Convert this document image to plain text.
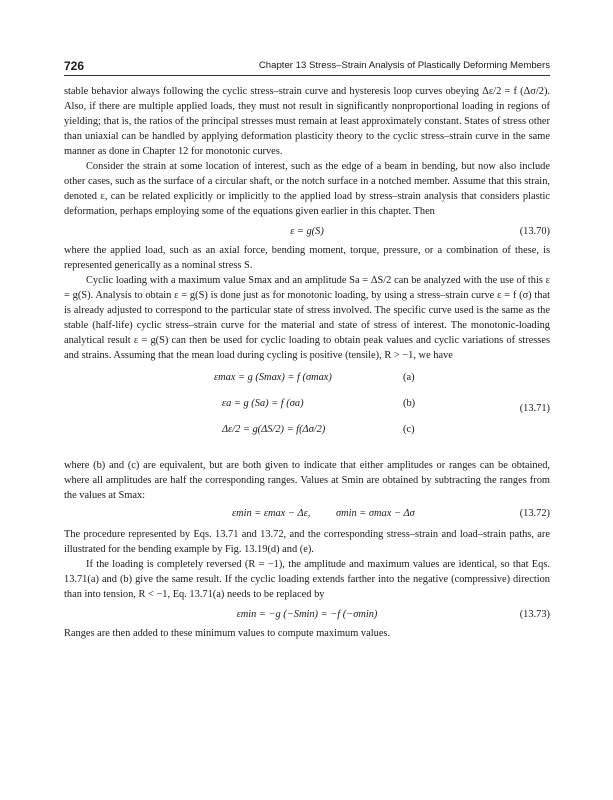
726	Chapter 13 Stress–Strain Analysis of Plastically Deforming Members

stable behavior always following the cyclic stress–strain curve and hysteresis loop curves obeying Δε/2 = f (Δσ/2). Also, if there are multiple applied loads, they must not result in significantly nonproportional loading in regions of yielding; that is, the ratios of the principal stresses must remain at least approximately constant. States of stress other than uniaxial can be handled by applying deformation plasticity theory to the cyclic stress–strain curve in the same manner as done in Chapter 12 for monotonic curves.

Consider the strain at some location of interest, such as the edge of a beam in bending, but now also include other cases, such as the surface of a circular shaft, or the notch surface in a notched member. Assume that this strain, denoted ε, can be related explicitly or implicitly to the applied load by stress–strain analysis that considers plastic deformation, perhaps employing some of the equations given earlier in this chapter. Then

ε = g(S)	(13.70)

where the applied load, such as an axial force, bending moment, torque, pressure, or a combination of these, is represented generically as a nominal stress S.

Cyclic loading with a maximum value Smax and an amplitude Sa = ΔS/2 can be analyzed with the use of this ε = g(S). Analysis to obtain ε = g(S) is done just as for monotonic loading, by using a stress–strain curve ε = f (σ) that is already adjusted to correspond to the particular state of stress involved. The specific curve used is the same as the stable (half-life) cyclic stress–strain curve for the material and state of stress of interest. The monotonic-loading analytical result ε = g(S) can then be used for cyclic loading to obtain peak values and cyclic variations of stresses and strains. Assuming that the mean load during cycling is positive (tensile), R > −1, we have

εmax = g (Smax) = f (σmax)	(a)
εa = g (Sa) = f (σa)	(b)
Δε/2 = g(ΔS/2) = f(Δσ/2)	(c)
(13.71)

where (b) and (c) are equivalent, but are both given to indicate that either amplitudes or ranges can be obtained, where all amplitudes are half the corresponding ranges. Values at Smin are obtained by subtracting the ranges from the values at Smax:

εmin = εmax − Δε, σmin = σmax − Δσ	(13.72)

The procedure represented by Eqs. 13.71 and 13.72, and the corresponding stress–strain and load–strain paths, are illustrated for the bending example by Fig. 13.19(d) and (e).

If the loading is completely reversed (R = −1), the amplitude and maximum values are identical, so that Eqs. 13.71(a) and (b) give the same result. If the cyclic loading extends farther into the negative (compressive) direction than into tension, R < −1, Eq. 13.71(a) needs to be replaced by

εmin = −g (−Smin) = −f (−σmin)	(13.73)

Ranges are then added to these minimum values to compute maximum values.
